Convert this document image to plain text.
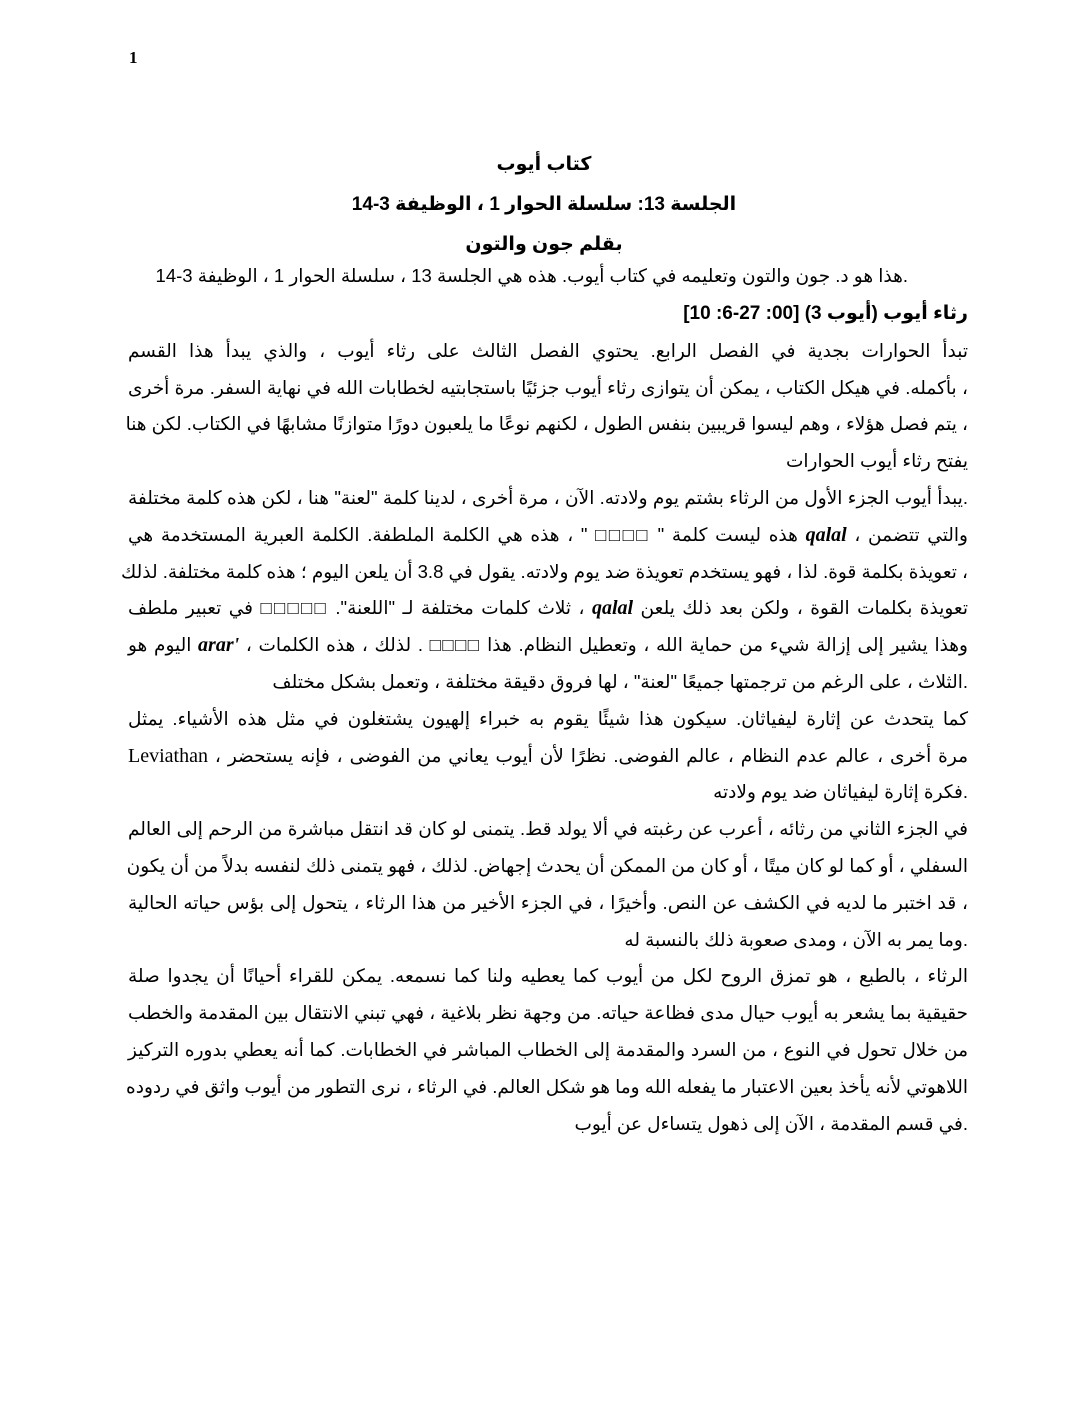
1
كتاب أيوب
الجلسة 13: سلسلة الحوار 1 ، الوظيفة 3-14
بقلم جون والتون
.هذا هو د. جون والتون وتعليمه في كتاب أيوب. هذه هي الجلسة 13 ، سلسلة الحوار 1 ، الوظيفة 3-14
رثاء أيوب (أيوب 3) [00: 27-6: 10]
تبدأ الحوارات بجدية في الفصل الرابع. يحتوي الفصل الثالث على رثاء أيوب ، والذي يبدأ هذا القسم
، بأكمله. في هيكل الكتاب ، يمكن أن يتوازى رثاء أيوب جزئيًا باستجابتيه لخطابات الله في نهاية السفر. مرة أخرى
، يتم فصل هؤلاء ، وهم ليسوا قريبين بنفس الطول ، لكنهم نوعًا ما يلعبون دورًا متوازنًا مشابهًا في الكتاب. لكن هنا
يفتح رثاء أيوب الحوارات
.يبدأ أيوب الجزء الأول من الرثاء بشتم يوم ولادته. الآن ، مرة أخرى ، لدينا كلمة "لعنة" هنا ، لكن هذه كلمة مختلفة
والتي تتضمن ، qalal هذه ليست كلمة " □□□□ " ، هذه هي الكلمة الملطفة. الكلمة العبرية المستخدمة هي
، تعويذة بكلمة قوة. لذا ، فهو يستخدم تعويذة ضد يوم ولادته. يقول في 3.8 أن يلعن اليوم ؛ هذه كلمة مختلفة. لذلك
تعويذة بكلمات القوة ، ولكن بعد ذلك يلعن qalal ، ثلاث كلمات مختلفة لـ "اللعنة". □□□□□ في تعبير ملطف
وهذا يشير إلى إزالة شيء من حماية الله ، وتعطيل النظام. هذا □□□□ . لذلك ، هذه الكلمات ، 'arar اليوم هو
.الثلاث ، على الرغم من ترجمتها جميعًا "لعنة" ، لها فروق دقيقة مختلفة ، وتعمل بشكل مختلف
كما يتحدث عن إثارة ليفياثان. سيكون هذا شيئًا يقوم به خبراء إلهيون يشتغلون في مثل هذه الأشياء. يمثل
مرة أخرى ، عالم عدم النظام ، عالم الفوضى. نظرًا لأن أيوب يعاني من الفوضى ، فإنه يستحضر ، Leviathan
.فكرة إثارة ليفياثان ضد يوم ولادته
في الجزء الثاني من رثائه ، أعرب عن رغبته في ألا يولد قط. يتمنى لو كان قد انتقل مباشرة من الرحم إلى العالم
السفلي ، أو كما لو كان ميتًا ، أو كان من الممكن أن يحدث إجهاض. لذلك ، فهو يتمنى ذلك لنفسه بدلاً من أن يكون
، قد اختبر ما لديه في الكشف عن النص. وأخيرًا ، في الجزء الأخير من هذا الرثاء ، يتحول إلى بؤس حياته الحالية
.وما يمر به الآن ، ومدى صعوبة ذلك بالنسبة له
الرثاء ، بالطبع ، هو تمزق الروح لكل من أيوب كما يعطيه ولنا كما نسمعه. يمكن للقراء أحيانًا أن يجدوا صلة
حقيقية بما يشعر به أيوب حيال مدى فظاعة حياته. من وجهة نظر بلاغية ، فهي تبني الانتقال بين المقدمة والخطب
من خلال تحول في النوع ، من السرد والمقدمة إلى الخطاب المباشر في الخطابات. كما أنه يعطي بدوره التركيز
اللاهوتي لأنه يأخذ بعين الاعتبار ما يفعله الله وما هو شكل العالم. في الرثاء ، نرى التطور من أيوب واثق في ردوده
.في قسم المقدمة ، الآن إلى ذهول يتساءل عن أيوب
